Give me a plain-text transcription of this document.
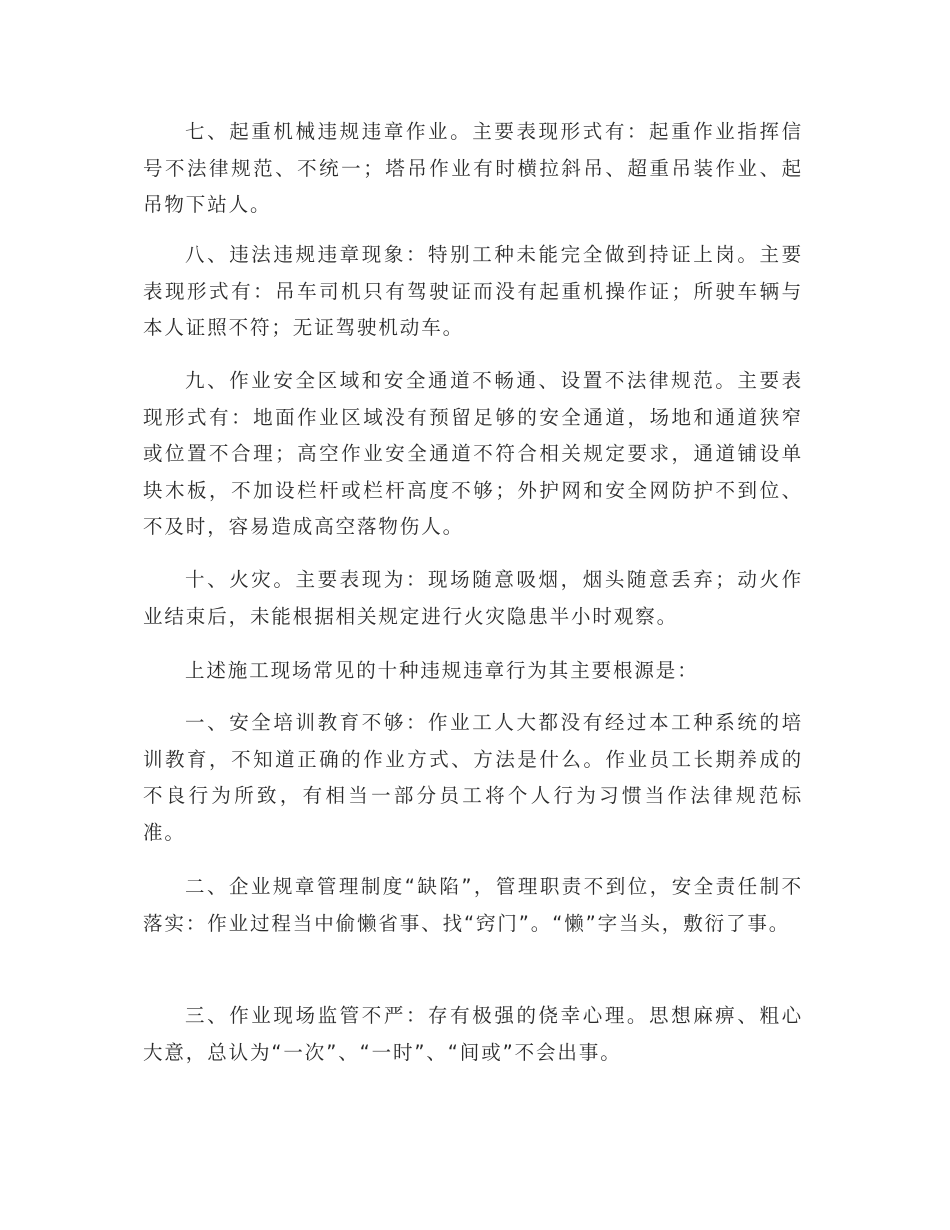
七、起重机械违规违章作业。主要表现形式有：起重作业指挥信号不法律规范、不统一；塔吊作业有时横拉斜吊、超重吊装作业、起吊物下站人。

八、违法违规违章现象：特别工种未能完全做到持证上岗。主要表现形式有：吊车司机只有驾驶证而没有起重机操作证；所驶车辆与本人证照不符；无证驾驶机动车。

九、作业安全区域和安全通道不畅通、设置不法律规范。主要表现形式有：地面作业区域没有预留足够的安全通道，场地和通道狭窄或位置不合理；高空作业安全通道不符合相关规定要求，通道铺设单块木板，不加设栏杆或栏杆高度不够；外护网和安全网防护不到位、不及时，容易造成高空落物伤人。

十、火灾。主要表现为：现场随意吸烟，烟头随意丢弃；动火作业结束后，未能根据相关规定进行火灾隐患半小时观察。

上述施工现场常见的十种违规违章行为其主要根源是：

一、安全培训教育不够：作业工人大都没有经过本工种系统的培训教育，不知道正确的作业方式、方法是什么。作业员工长期养成的不良行为所致，有相当一部分员工将个人行为习惯当作法律规范标准。

二、企业规章管理制度“缺陷”，管理职责不到位，安全责任制不落实：作业过程当中偷懒省事、找“窍门”。“懒”字当头，敷衍了事。

三、作业现场监管不严：存有极强的侥幸心理。思想麻痹、粗心大意，总认为“一次”、“一时”、“间或”不会出事。
